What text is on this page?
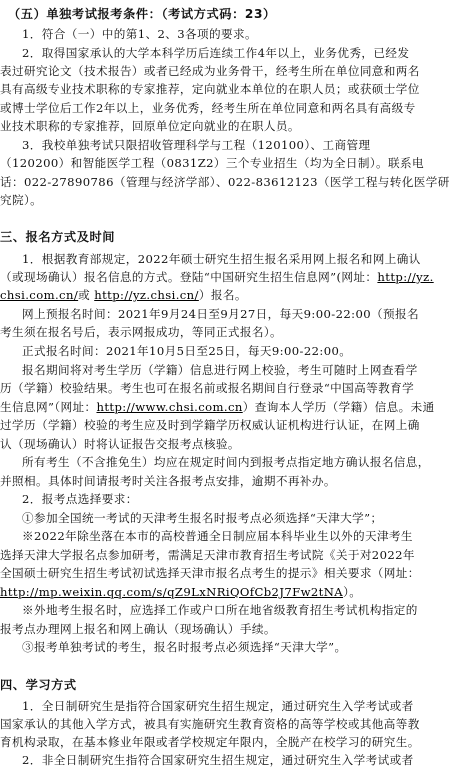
（五）单独考试报考条件：（考试方式码：23）
1．符合（一）中的第1、2、3各项的要求。
2．取得国家承认的大学本科学历后连续工作4年以上，业务优秀，已经发
表过研究论文（技术报告）或者已经成为业务骨干，经考生所在单位同意和两名
具有高级专业技术职称的专家推荐，定向就业本单位的在职人员；或获硕士学位
或博士学位后工作2年以上，业务优秀，经考生所在单位同意和两名具有高级专
业技术职称的专家推荐，回原单位定向就业的在职人员。
3．我校单独考试只限招收管理科学与工程（120100）、工商管理
（120200）和智能医学工程（0831Z2）三个专业招生（均为全日制）。联系电
话：022-27890786（管理与经济学部）、022-83612123（医学工程与转化医学研
究院）。
三、报名方式及时间
1．根据教育部规定，2022年硕士研究生招生报名采用网上报名和网上确认
（或现场确认）报名信息的方式。登陆“中国研究生招生信息网”(网址：http://yz.
chsi.com.cn/或 http://yz.chsi.cn/）报名。
网上预报名时间：2021年9月24日至9月27日，每天9:00-22:00（预报名
考生须在报名号后，表示网报成功，等同正式报名）。
正式报名时间：2021年10月5日至25日，每天9:00-22:00。
报名期间将对考生学历（学籍）信息进行网上校验，考生可随时上网查看学
历（学籍）校验结果。考生也可在报名前或报名期间自行登录“中国高等教育学
生信息网”（网址：http://www.chsi.com.cn）查询本人学历（学籍）信息。未通
过学历（学籍）校验的考生应及时到学籍学历权威认证机构进行认证，在网上确
认（现场确认）时将认证报告交报考点核验。
所有考生（不含推免生）均应在规定时间内到报考点指定地方确认报名信息，
并照相。具体时间请报考时关注各报考点安排，逾期不再补办。
2．报考点选择要求：
①参加全国统一考试的天津考生报名时报考点必须选择“天津大学”；
※2022年除坐落在本市的高校普通全日制应届本科毕业生以外的天津考生
选择天津大学报名点参加研考，需满足天津市教育招生考试院《关于对2022年
全国硕士研究生招生考试初试选择天津市报名点考生的提示》相关要求（网址：
http://mp.weixin.qq.com/s/qZ9LxNRiQOfCb2J7Fw2tNA）。
※外地考生报名时，应选择工作或户口所在地省级教育招生考试机构指定的
报考点办理网上报名和网上确认（现场确认）手续。
③报考单独考试的考生，报名时报考点必须选择“天津大学”。
四、学习方式
1．全日制研究生是指符合国家研究生招生规定，通过研究生入学考试或者
国家承认的其他入学方式，被具有实施研究生教育资格的高等学校或其他高等教
育机构录取，在基本修业年限或者学校规定年限内，全脱产在校学习的研究生。
2．非全日制研究生指符合国家研究生招生规定，通过研究生入学考试或者
